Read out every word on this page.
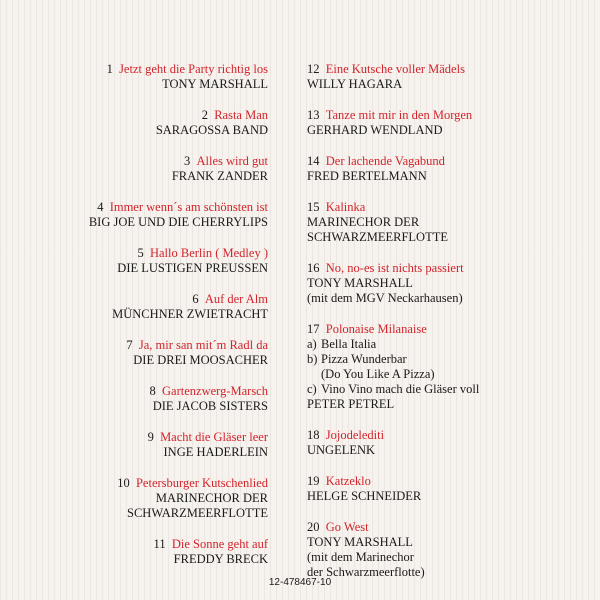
1 Jetzt geht die Party richtig los
TONY MARSHALL
2 Rasta Man
SARAGOSSA BAND
3 Alles wird gut
FRANK ZANDER
4 Immer wenn´s am schönsten ist
BIG JOE UND DIE CHERRYLIPS
5 Hallo Berlin ( Medley )
DIE LUSTIGEN PREUSSEN
6 Auf der Alm
MÜNCHNER ZWIETRACHT
7 Ja, mir san mit´m Radl da
DIE DREI MOOSACHER
8 Gartenzwerg-Marsch
DIE JACOB SISTERS
9 Macht die Gläser leer
INGE HADERLEIN
10 Petersburger Kutschenlied
MARINECHOR DER
SCHWARZMEERFLOTTE
11 Die Sonne geht auf
FREDDY BRECK
12 Eine Kutsche voller Mädels
WILLY HAGARA
13 Tanze mit mir in den Morgen
GERHARD WENDLAND
14 Der lachende Vagabund
FRED BERTELMANN
15 Kalinka
MARINECHOR DER
SCHWARZMEERFLOTTE
16 No, no-es ist nichts passiert
TONY MARSHALL
(mit dem MGV Neckarhausen)
17 Polonaise Milanaise
a) Bella Italia
b) Pizza Wunderbar
(Do You Like A Pizza)
c) Vino Vino mach die Gläser voll
PETER PETREL
18 Jojodelediti
UNGELENK
19 Katzeklo
HELGE SCHNEIDER
20 Go West
TONY MARSHALL
(mit dem Marinechor
der Schwarzmeerflotte)
12-478467-10
